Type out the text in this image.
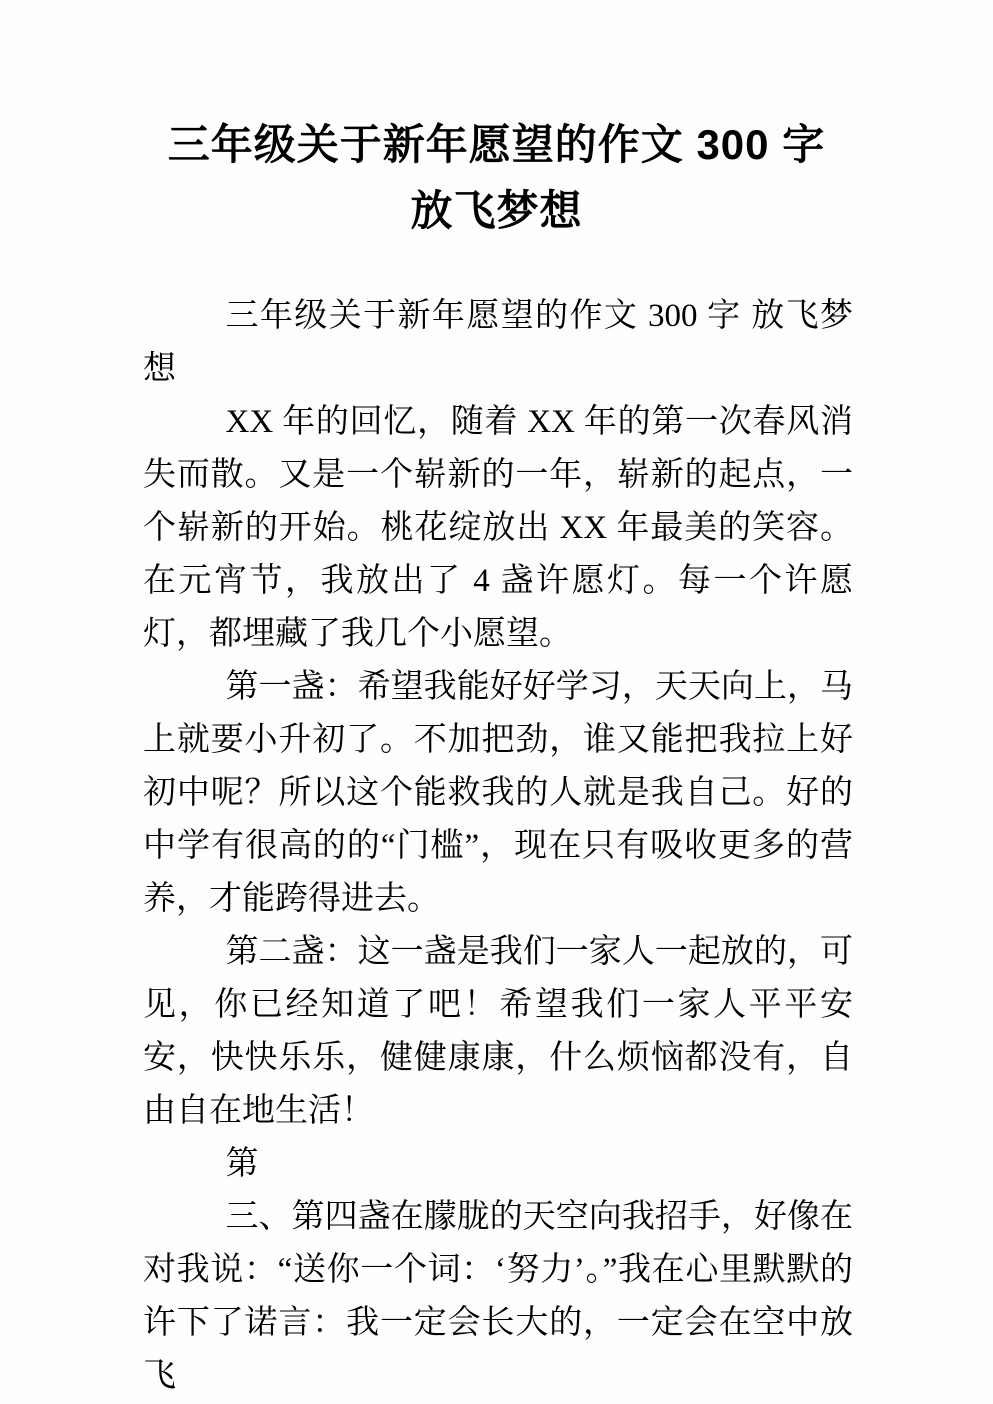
三年级关于新年愿望的作文 300 字 放飞梦想

三年级关于新年愿望的作文 300 字 放飞梦想

XX 年的回忆，随着 XX 年的第一次春风消失而散。又是一个崭新的一年，崭新的起点，一个崭新的开始。桃花绽放出 XX 年最美的笑容。在元宵节，我放出了 4 盏许愿灯。每一个许愿灯，都埋藏了我几个小愿望。

第一盏：希望我能好好学习，天天向上，马上就要小升初了。不加把劲，谁又能把我拉上好初中呢？所以这个能救我的人就是我自己。好的中学有很高的的“门槛”，现在只有吸收更多的营养，才能跨得进去。

第二盏：这一盏是我们一家人一起放的，可见，你已经知道了吧！希望我们一家人平平安安，快快乐乐，健健康康，什么烦恼都没有，自由自在地生活！

第

三、第四盏在朦胧的天空向我招手，好像在对我说：“送你一个词：‘努力’。”我在心里默默的许下了诺言：我一定会长大的，一定会在空中放飞
